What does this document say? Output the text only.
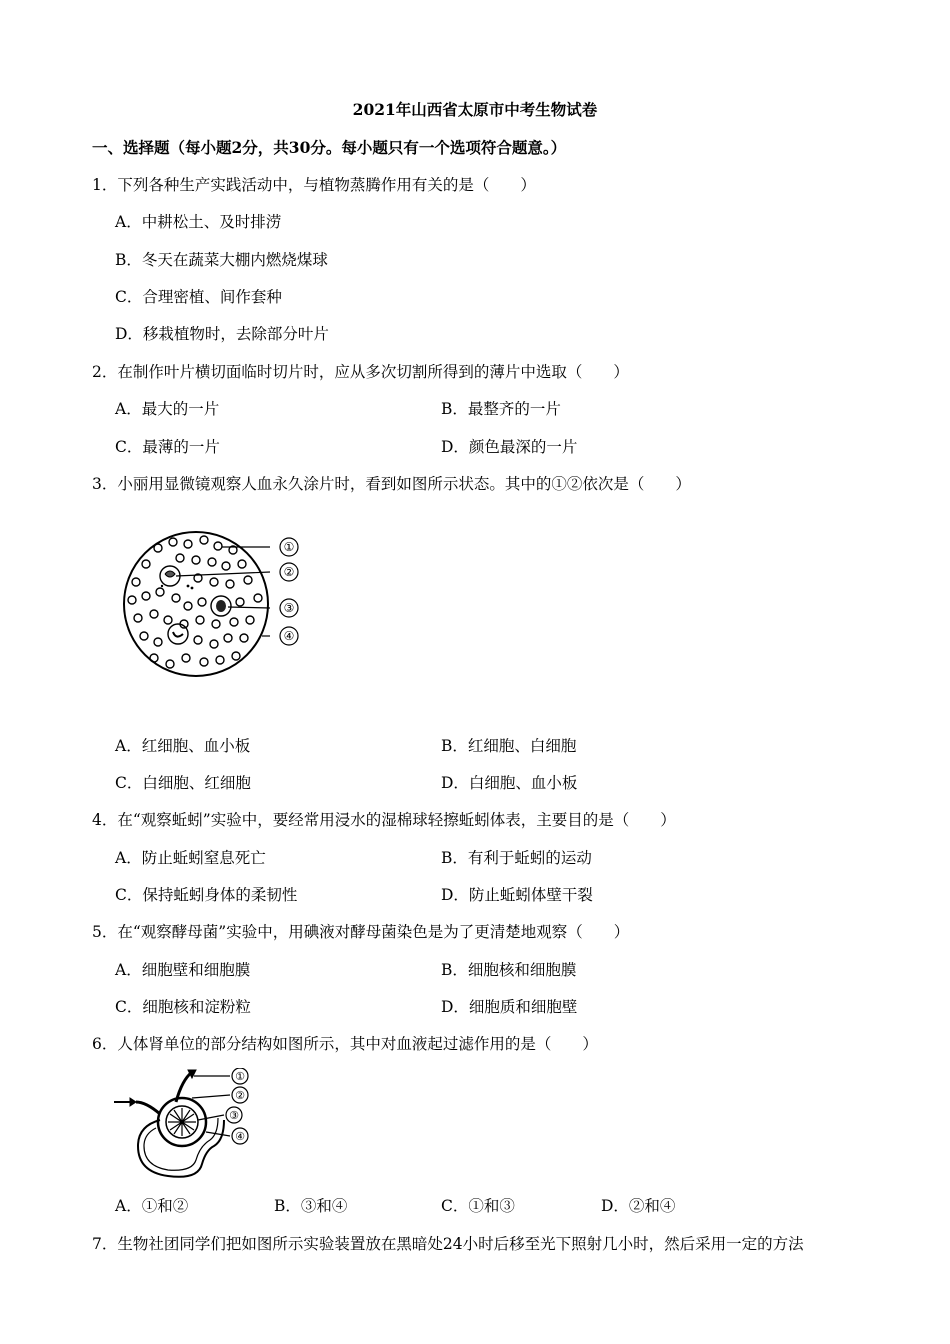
2021年山西省太原市中考生物试卷
一、选择题（每小题2分，共30分。每小题只有一个选项符合题意。）
1．下列各种生产实践活动中，与植物蒸腾作用有关的是（　　）
A．中耕松土、及时排涝
B．冬天在蔬菜大棚内燃烧煤球
C．合理密植、间作套种
D．移栽植物时，去除部分叶片
2．在制作叶片横切面临时切片时，应从多次切割所得到的薄片中选取（　　）
A．最大的一片	B．最整齐的一片
C．最薄的一片	D．颜色最深的一片
3．小丽用显微镜观察人血永久涂片时，看到如图所示状态。其中的①②依次是（　　）
①
②
③
④
A．红细胞、血小板	B．红细胞、白细胞
C．白细胞、红细胞	D．白细胞、血小板
4．在“观察蚯蚓”实验中，要经常用浸水的湿棉球轻擦蚯蚓体表，主要目的是（　　）
A．防止蚯蚓窒息死亡	B．有利于蚯蚓的运动
C．保持蚯蚓身体的柔韧性	D．防止蚯蚓体壁干裂
5．在“观察酵母菌”实验中，用碘液对酵母菌染色是为了更清楚地观察（　　）
A．细胞壁和细胞膜	B．细胞核和细胞膜
C．细胞核和淀粉粒	D．细胞质和细胞壁
6．人体肾单位的部分结构如图所示，其中对血液起过滤作用的是（　　）
①
②
③
④
A．①和②	B．③和④	C．①和③	D．②和④
7．生物社团同学们把如图所示实验装置放在黑暗处24小时后移至光下照射几小时，然后采用一定的方法
